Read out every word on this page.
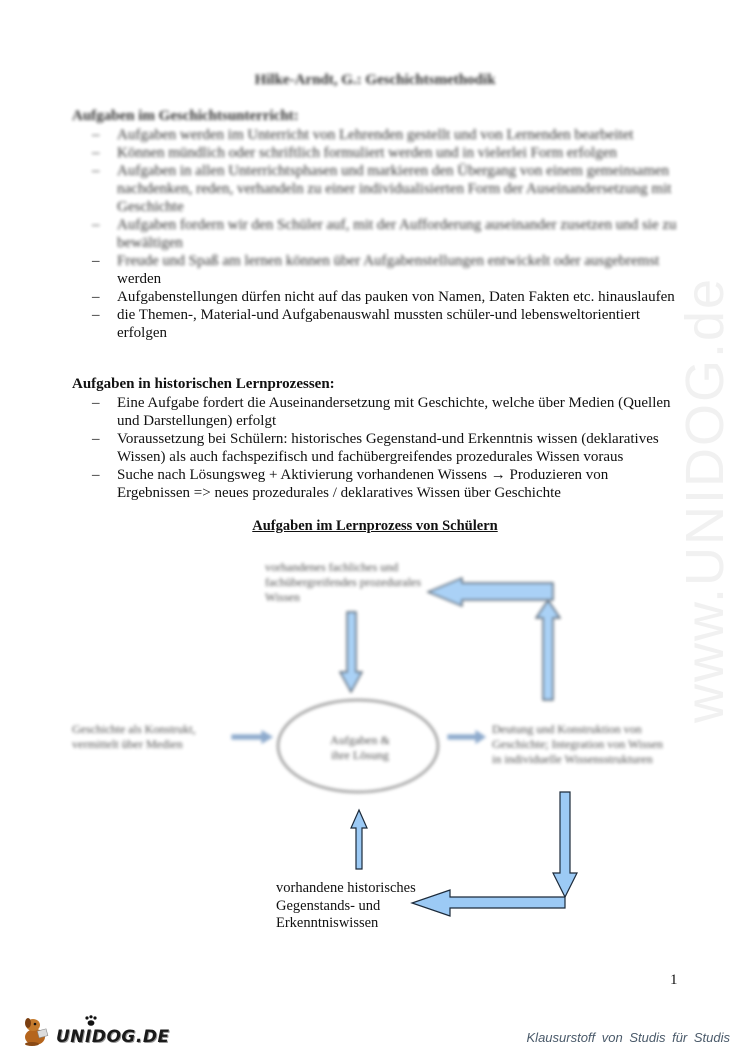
www.UNIDOG.de
Hilke-Arndt, G.: Geschichtsmethodik
Aufgaben im Geschichtsunterricht:
– Aufgaben werden im Unterricht von Lehrenden gestellt und von Lernenden bearbeitet
– Können mündlich oder schriftlich formuliert werden und in vielerlei Form erfolgen
– Aufgaben in allen Unterrichtsphasen und markieren den Übergang von einem gemeinsamen nachdenken, reden, verhandeln zu einer individualisierten Form der Auseinandersetzung mit Geschichte
– Aufgaben fordern wir den Schüler auf, mit der Aufforderung auseinander zusetzen und sie zu bewältigen
– Freude und Spaß am lernen können über Aufgabenstellungen entwickelt oder ausgebremst
werden
– Aufgabenstellungen dürfen nicht auf das pauken von Namen, Daten Fakten etc. hinauslaufen
– die Themen-, Material-und Aufgabenauswahl mussten schüler-und lebensweltorientiert erfolgen
Aufgaben in historischen Lernprozessen:
– Eine Aufgabe fordert die Auseinandersetzung mit Geschichte, welche über Medien (Quellen und Darstellungen) erfolgt
– Voraussetzung bei Schülern: historisches Gegenstand-und Erkenntnis wissen (deklaratives Wissen) als auch fachspezifisch und fachübergreifendes prozedurales Wissen voraus
– Suche nach Lösungsweg + Aktivierung vorhandenen Wissens → Produzieren von Ergebnissen => neues prozedurales / deklaratives Wissen über Geschichte
Aufgaben im Lernprozess von Schülern
vorhandenes fachliches und fachübergreifendes prozedurales Wissen
Geschichte als Konstrukt, vermittelt über Medien	Aufgaben & ihre Lösung
Deutung und Konstruktion von Geschichte; Integration von Wissen in individuelle Wissensstrukturen
vorhandene historisches Gegenstands- und Erkenntniswissen
1
UNIDOG.DE	Klausurstoff von Studis für Studis
